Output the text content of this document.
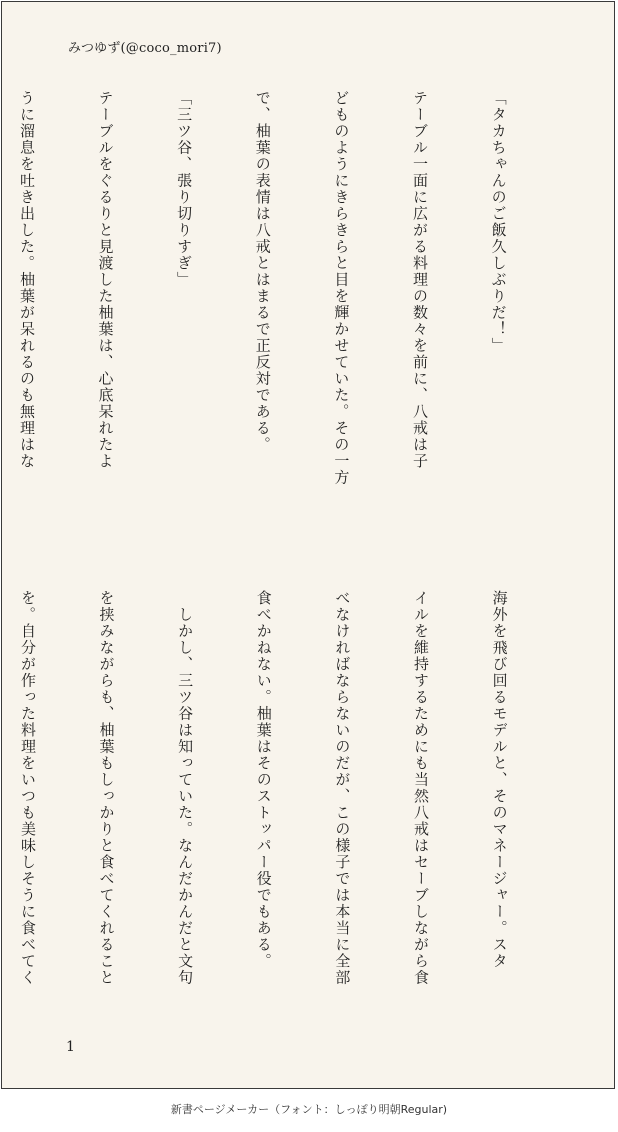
みつゆず(@coco_mori7)

「タカちゃんのご飯久しぶりだ！」

テーブル一面に広がる料理の数々を前に、八戒は子

どものようにきらきらと目を輝かせていた。その一方

で、柚葉の表情は八戒とはまるで正反対である。

「三ツ谷、張り切りすぎ」

テーブルをぐるりと見渡した柚葉は、心底呆れたよ

うに溜息を吐き出した。柚葉が呆れるのも無理はな

海外を飛び回るモデルと、そのマネージャー。スタ

イルを維持するためにも当然八戒はセーブしながら食

べなければならないのだが、この様子では本当に全部

食べかねない。柚葉はそのストッパー役でもある。

　しかし、三ツ谷は知っていた。なんだかんだと文句

を挟みながらも、柚葉もしっかりと食べてくれること

を。自分が作った料理をいつも美味しそうに食べてく

1
新書ページメーカー（フォント：しっぽり明朝Regular)
